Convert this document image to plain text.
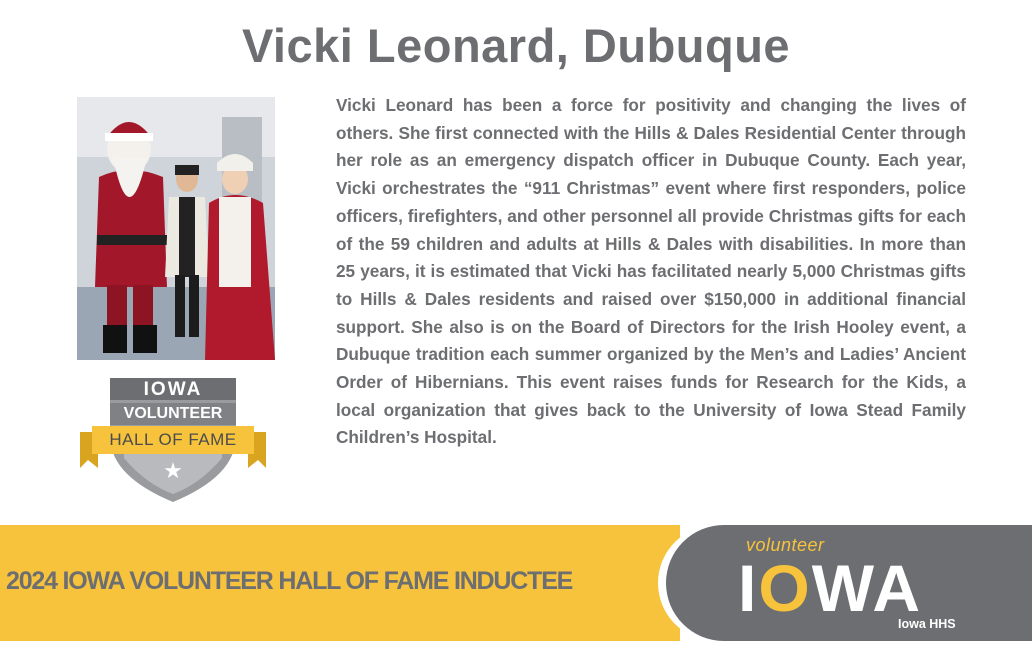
Vicki Leonard, Dubuque
Vicki Leonard has been a force for positivity and changing the lives of others. She first connected with the Hills & Dales Residential Center through her role as an emergency dispatch officer in Dubuque County. Each year, Vicki orchestrates the “911 Christmas” event where first responders, police officers, firefighters, and other personnel all provide Christmas gifts for each of the 59 children and adults at Hills & Dales with disabilities. In more than 25 years, it is estimated that Vicki has facilitated nearly 5,000 Christmas gifts to Hills & Dales residents and raised over $150,000 in additional financial support. She also is on the Board of Directors for the Irish Hooley event, a Dubuque tradition each summer organized by the Men’s and Ladies’ Ancient Order of Hibernians. This event raises funds for Research for the Kids, a local organization that gives back to the University of Iowa Stead Family Children’s Hospital.
★
IOWA
VOLUNTEER
HALL OF FAME
2024 IOWA VOLUNTEER HALL OF FAME INDUCTEE
volunteer
IOWA
Iowa HHS
